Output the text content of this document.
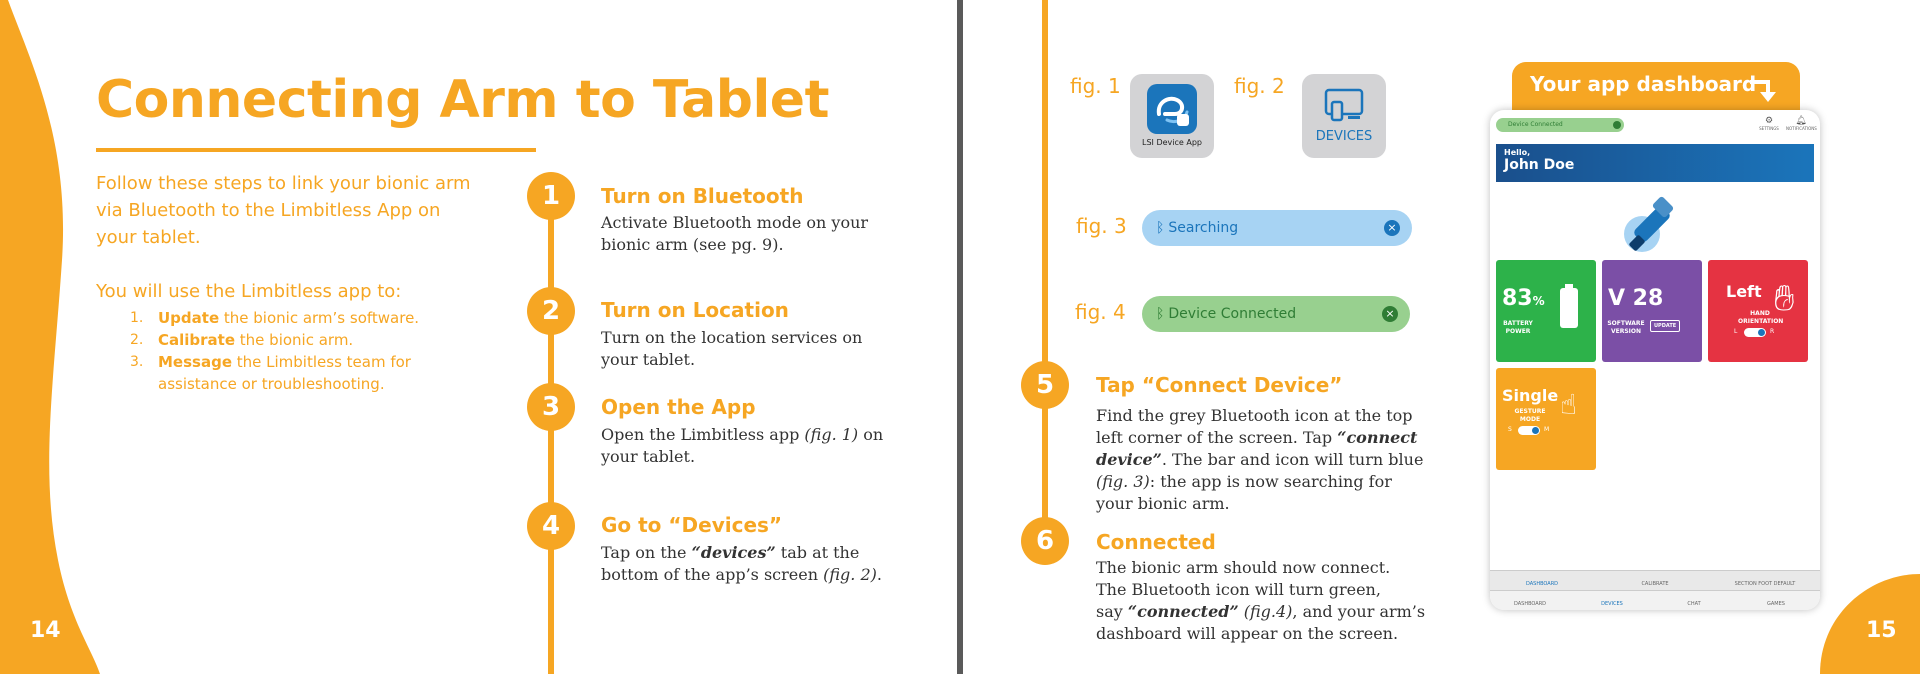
14
Connecting Arm to Tablet
Follow these steps to link your bionic arm
via Bluetooth to the Limbitless App on
your tablet.
You will use the Limbitless app to:
1. Update the bionic arm’s software.
2. Calibrate the bionic arm.
3. Message the Limbitless team for
assistance or troubleshooting.
1	Turn on Bluetooth
Activate Bluetooth mode on your
bionic arm (see pg. 9).
2	Turn on Location
Turn on the location services on
your tablet.
3	Open the App
Open the Limbitless app (fig. 1) on
your tablet.
4	Go to “Devices”
Tap on the “devices” tab at the
bottom of the app’s screen (fig. 2).
15
fig. 1
LSI Device App
fig. 2
DEVICES
fig. 3	ᛒ Searching	×
fig. 4	ᛒ Device Connected	×
5	Tap “Connect Device”
Find the grey Bluetooth icon at the top
left corner of the screen. Tap “connect
device”. The bar and icon will turn blue
(fig. 3): the app is now searching for
your bionic arm.
6	Connected
The bionic arm should now connect.
The Bluetooth icon will turn green,
say “connected” (fig.4), and your arm’s
dashboard will appear on the screen.
Your app dashboard
Device Connected	⚙
SETTINGS
🔔︎
NOTIFICATIONS
Hello,
John Doe
83%
BATTERY
POWER
V 28
SOFTWARE
VERSION
UPDATE
Left ✋︎
HAND
ORIENTATION
L	R
Single ☝︎
GESTURE
MODE
S	M
DASHBOARD	CALIBRATE	SECTION FOOT DEFAULT
DASHBOARD	DEVICES	CHAT	GAMES
